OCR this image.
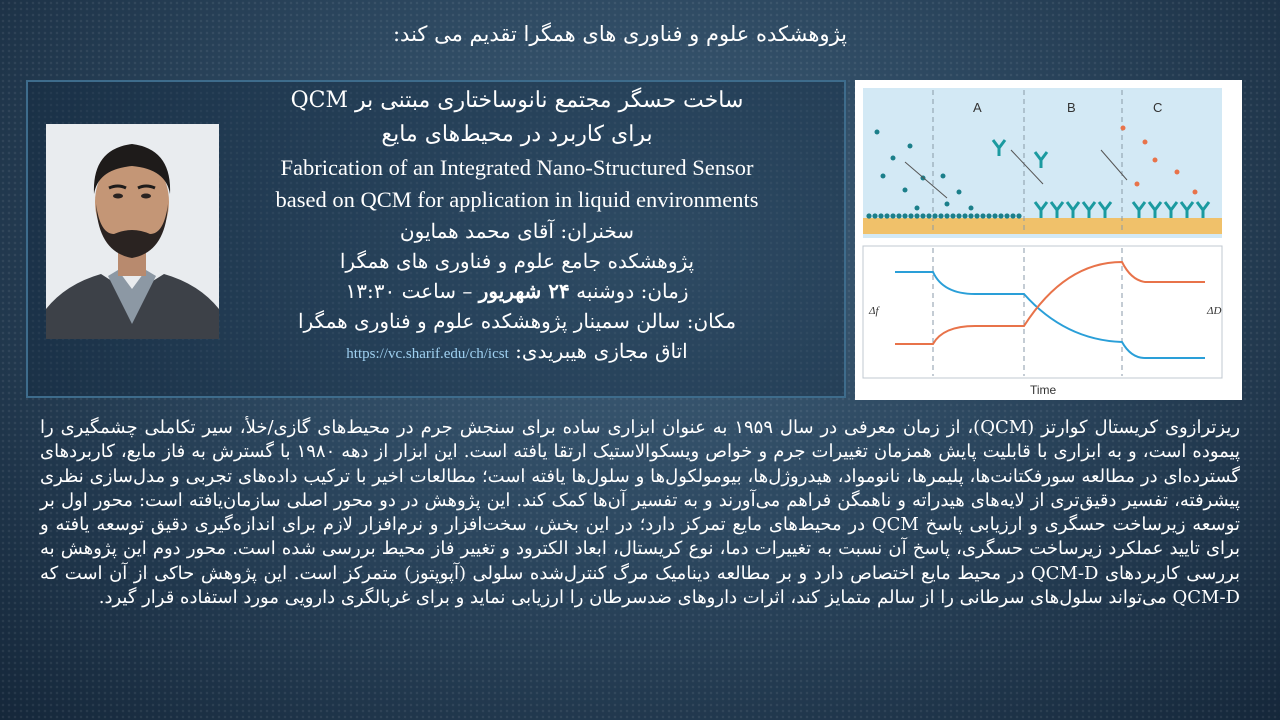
پژوهشکده علوم و فناوری های همگرا تقدیم می کند:
ساخت حسگر مجتمع نانوساختاری مبتنی بر QCM
برای کاربرد در محیط‌های مایع
Fabrication of an Integrated Nano-Structured Sensor
based on QCM for application in liquid environments
سخنران: آقای محمد همایون
پژوهشکده جامع علوم و فناوری های همگرا
زمان: دوشنبه ۲۴ شهریور – ساعت ۱۳:۳۰
مکان: سالن سمینار پژوهشکده علوم و فناوری همگرا
اتاق مجازی هیبریدی: https://vc.sharif.edu/ch/icst
A	B	C
Δf	ΔD
Time
ریزترازوی کریستال کوارتز (QCM)، از زمان معرفی در سال ۱۹۵۹ به عنوان ابزاری ساده برای سنجش جرم در محیط‌های گازی/خلأ، سیر تکاملی چشمگیری را پیموده است، و به ابزاری با قابلیت پایش همزمان تغییرات جرم و خواص ویسکوالاستیک ارتقا یافته است. این ابزار از دهه ۱۹۸۰ با گسترش به فاز مایع، کاربردهای گسترده‌ای در مطالعه سورفکتانت‌ها، پلیمرها، نانومواد، هیدروژل‌ها، بیومولکول‌ها و سلول‌ها یافته است؛ مطالعات اخیر با ترکیب داده‌های تجربی و مدل‌سازی نظری پیشرفته، تفسیر دقیق‌تری از لایه‌های هیدراته و ناهمگن فراهم می‌آورند و به تفسیر آن‌ها کمک کند. این پژوهش در دو محور اصلی سازمان‌یافته است: محور اول بر توسعه زیرساخت حسگری و ارزیابی پاسخ QCM در محیط‌های مایع تمرکز دارد؛ در این بخش، سخت‌افزار و نرم‌افزار لازم برای اندازه‌گیری دقیق توسعه یافته و برای تایید عملکرد زیرساخت حسگری، پاسخ آن نسبت به تغییرات دما، نوع کریستال، ابعاد الکترود و تغییر فاز محیط بررسی شده است. محور دوم این پژوهش به بررسی کاربردهای QCM-D در محیط مایع اختصاص دارد و بر مطالعه دینامیک مرگ کنترل‌شده سلولی (آپوپتوز) متمرکز است. این پژوهش حاکی از آن است که QCM-D می‌تواند سلول‌های سرطانی را از سالم متمایز کند، اثرات داروهای ضدسرطان را ارزیابی نماید و برای غربالگری دارویی مورد استفاده قرار گیرد.
